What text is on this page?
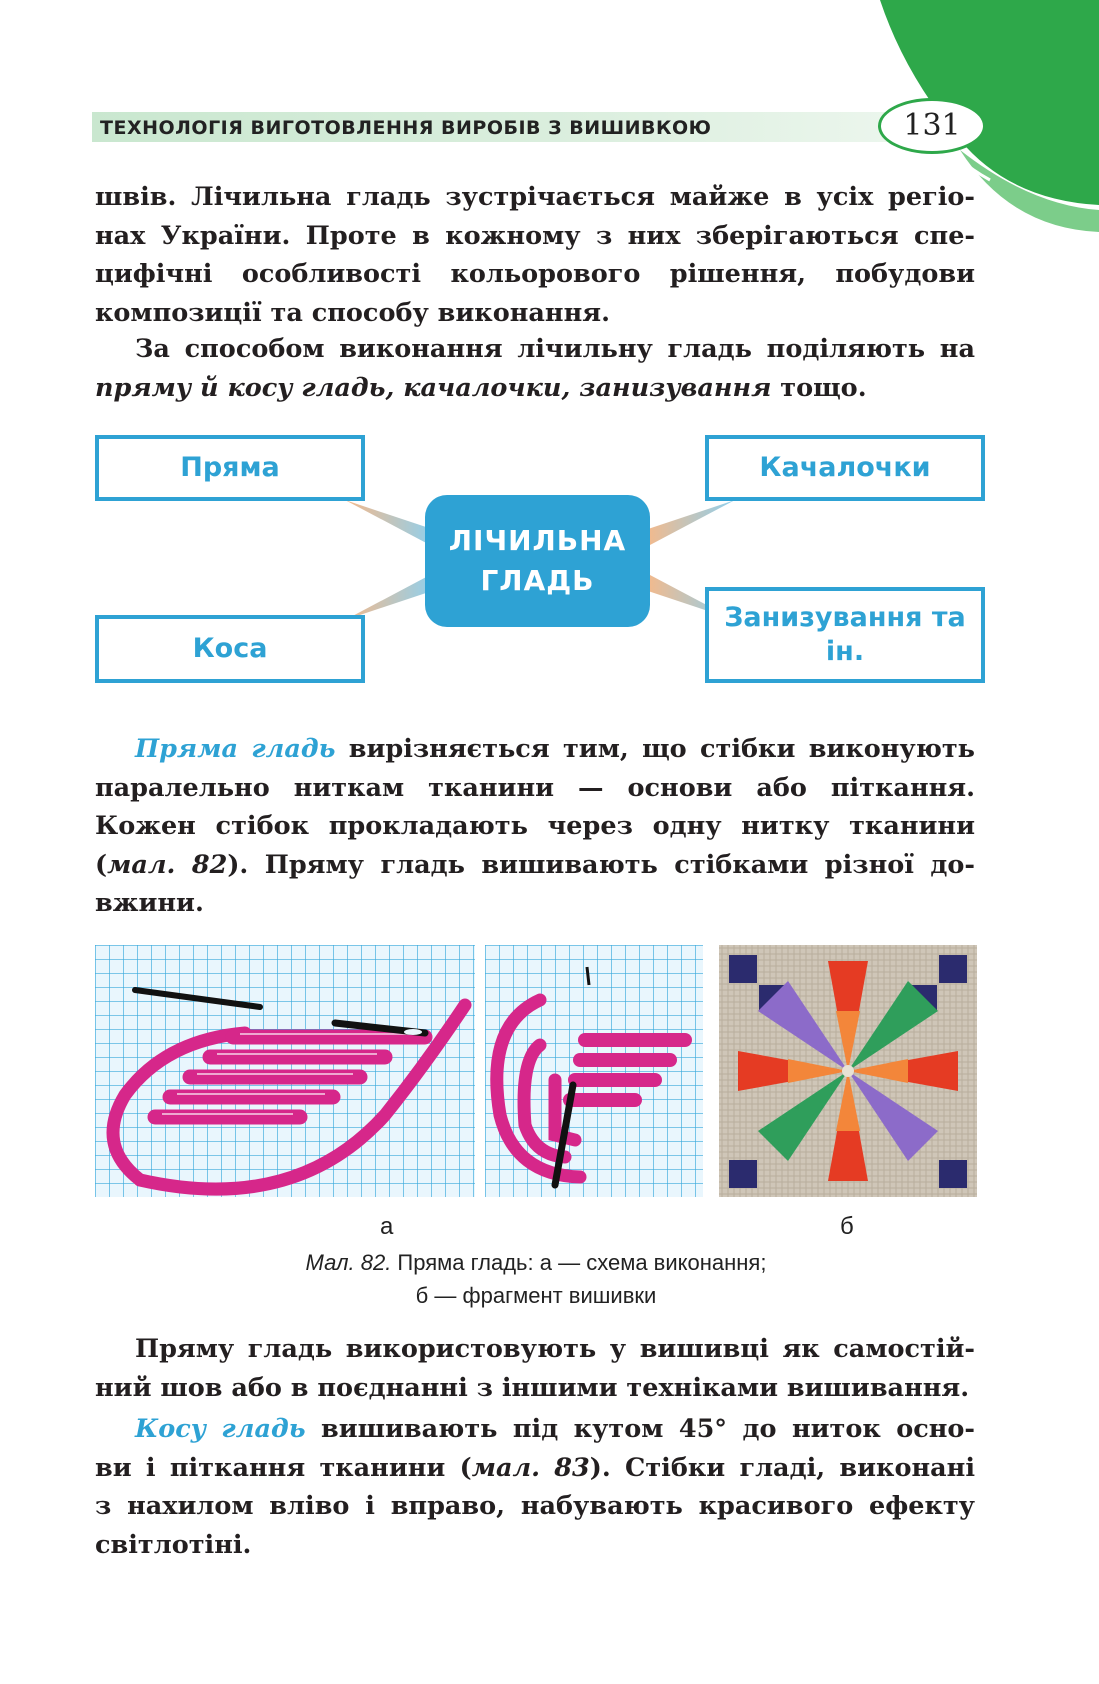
ТЕХНОЛОГІЯ ВИГОТОВЛЕННЯ ВИРОБІВ З ВИШИВКОЮ	131
швів. Лічильна гладь зустрічається майже в усіх регіо-
нах України. Проте в кожному з них зберігаються спе-
цифічні особливості кольорового рішення, побудови
композиції та способу виконання.
За способом виконання лічильну гладь поділяють на
пряму й косу гладь, качалочки, занизування тощо.
Пряма	Качалочки
Коса
Занизування та ін.
ЛІЧИЛЬНА ГЛАДЬ
Пряма гладь вирізняється тим, що стібки виконують
паралельно ниткам тканини — основи або піткання.
Кожен стібок прокладають через одну нитку тканини
(мал. 82). Пряму гладь вишивають стібками різної до-
вжини.
а	б
Мал. 82. Пряма гладь: а — схема виконання;
б — фрагмент вишивки
Пряму гладь використовують у вишивці як самостій-
ний шов або в поєднанні з іншими техніками вишивання.
Косу гладь вишивають під кутом 45° до ниток осно-
ви і піткання тканини (мал. 83). Стібки гладі, виконані
з нахилом вліво і вправо, набувають красивого ефекту
світлотіні.
